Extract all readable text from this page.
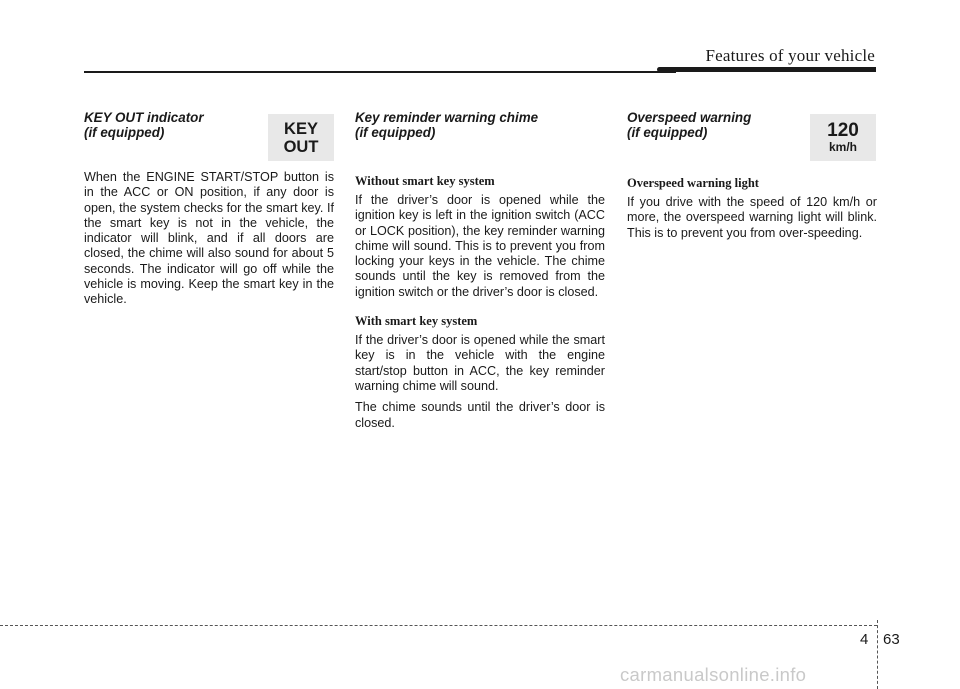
Features of your vehicle
KEY
OUT
120
km/h
KEY OUT indicator
(if equipped)

When the ENGINE START/STOP button is in the ACC or ON position, if any door is open, the system checks for the smart key. If the smart key is not in the vehicle, the indicator will blink, and if all doors are closed, the chime will also sound for about 5 seconds. The indicator will go off while the vehicle is moving. Keep the smart key in the vehicle.

Key reminder warning chime
(if equipped)

Without smart key system

If the driver’s door is opened while the ignition key is left in the ignition switch (ACC or LOCK position), the key reminder warning chime will sound. This is to prevent you from locking your keys in the vehicle. The chime sounds until the key is removed from the ignition switch or the driver’s door is closed.

With smart key system

If the driver’s door is opened while the smart key is in the vehicle with the engine start/stop button in ACC, the key reminder warning chime will sound.

The chime sounds until the driver’s door is closed.

Overspeed warning
(if equipped)

Overspeed warning light

If you drive with the speed of 120 km/h or more, the overspeed warning light will blink. This is to prevent you from over-speeding.

4 63
carmanualsonline.info
